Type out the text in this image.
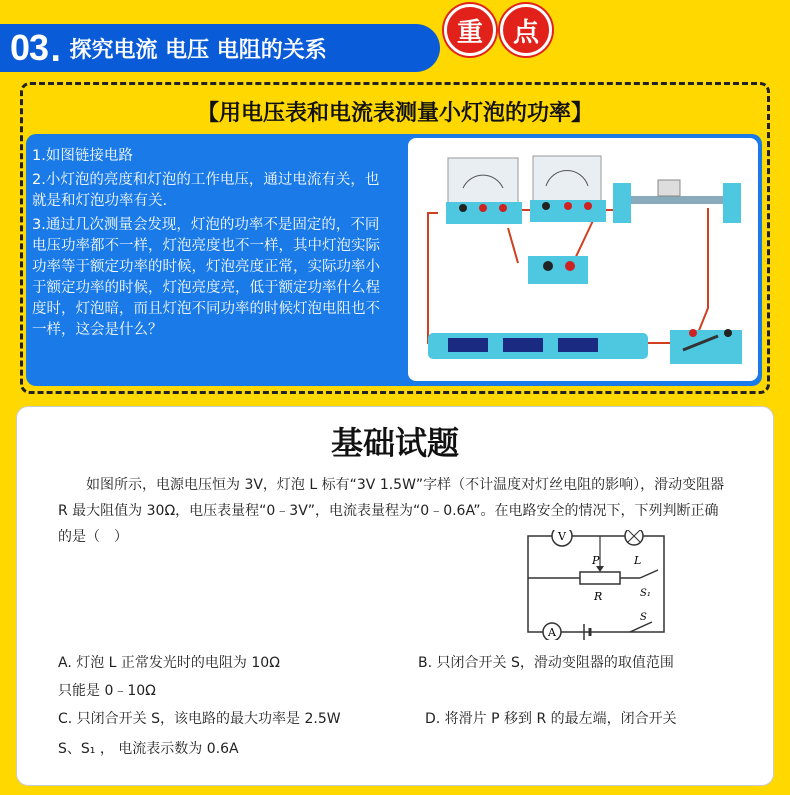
03 . 探究电流 电压 电阻的关系
重	点
【用电压表和电流表测量小灯泡的功率】

1.如图链接电路

2.小灯泡的亮度和灯泡的工作电压，通过电流有关，也就是和灯泡功率有关.

3.通过几次测量会发现，灯泡的功率不是固定的，不同电压功率都不一样，灯泡亮度也不一样，其中灯泡实际功率等于额定功率的时候，灯泡亮度正常，实际功率小于额定功率的时候，灯泡亮度亮，低于额定功率什么程度时，灯泡暗，而且灯泡不同功率的时候灯泡电阻也不一样，这会是什么？

基础试题
如图所示，电源电压恒为 3V，灯泡 L 标有“3V 1.5W”字样（不计温度对灯丝电阻的影响），滑动变阻器 R 最大阻值为 30Ω，电压表量程“0﹣3V”，电流表量程为“0﹣0.6A”。在电路安全的情况下，下列判断正确的是（　）	V
P
R
L
S₁
A
S
A. 灯泡 L 正常发光时的电阻为 10Ω	B. 只闭合开关 S，滑动变阻器的取值范围
只能是 0﹣10Ω
C. 只闭合开关 S，该电路的最大功率是 2.5W	D. 将滑片 P 移到 R 的最左端，闭合开关
S、S₁ ， 电流表示数为 0.6A
